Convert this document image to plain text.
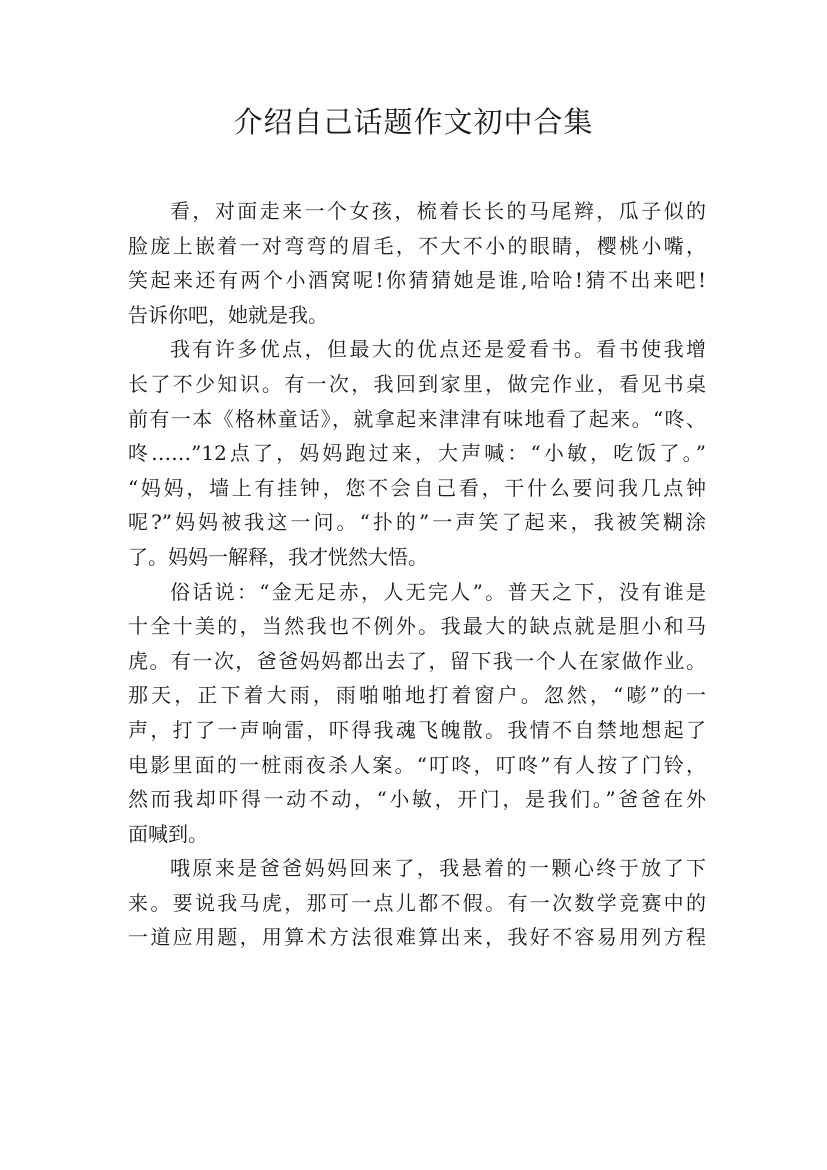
介绍自己话题作文初中合集
看，对面走来一个女孩，梳着长长的马尾辫，瓜子似的
脸庞上嵌着一对弯弯的眉毛，不大不小的眼睛，樱桃小嘴，
笑起来还有两个小酒窝呢!你猜猜她是谁,哈哈!猜不出来吧!
告诉你吧，她就是我。
我有许多优点，但最大的优点还是爱看书。看书使我增
长了不少知识。有一次，我回到家里，做完作业，看见书桌
前有一本《格林童话》，就拿起来津津有味地看了起来。“咚、
咚……”12点了，妈妈跑过来，大声喊：“小敏，吃饭了。”
“妈妈，墙上有挂钟，您不会自己看，干什么要问我几点钟
呢?”妈妈被我这一问。“扑的”一声笑了起来，我被笑糊涂
了。妈妈一解释，我才恍然大悟。
俗话说：“金无足赤，人无完人”。普天之下，没有谁是
十全十美的，当然我也不例外。我最大的缺点就是胆小和马
虎。有一次，爸爸妈妈都出去了，留下我一个人在家做作业。
那天，正下着大雨，雨啪啪地打着窗户。忽然，“嘭”的一
声，打了一声响雷，吓得我魂飞魄散。我情不自禁地想起了
电影里面的一桩雨夜杀人案。“叮咚，叮咚”有人按了门铃，
然而我却吓得一动不动，“小敏，开门，是我们。”爸爸在外
面喊到。
哦原来是爸爸妈妈回来了，我悬着的一颗心终于放了下
来。要说我马虎，那可一点儿都不假。有一次数学竞赛中的
一道应用题，用算术方法很难算出来，我好不容易用列方程
